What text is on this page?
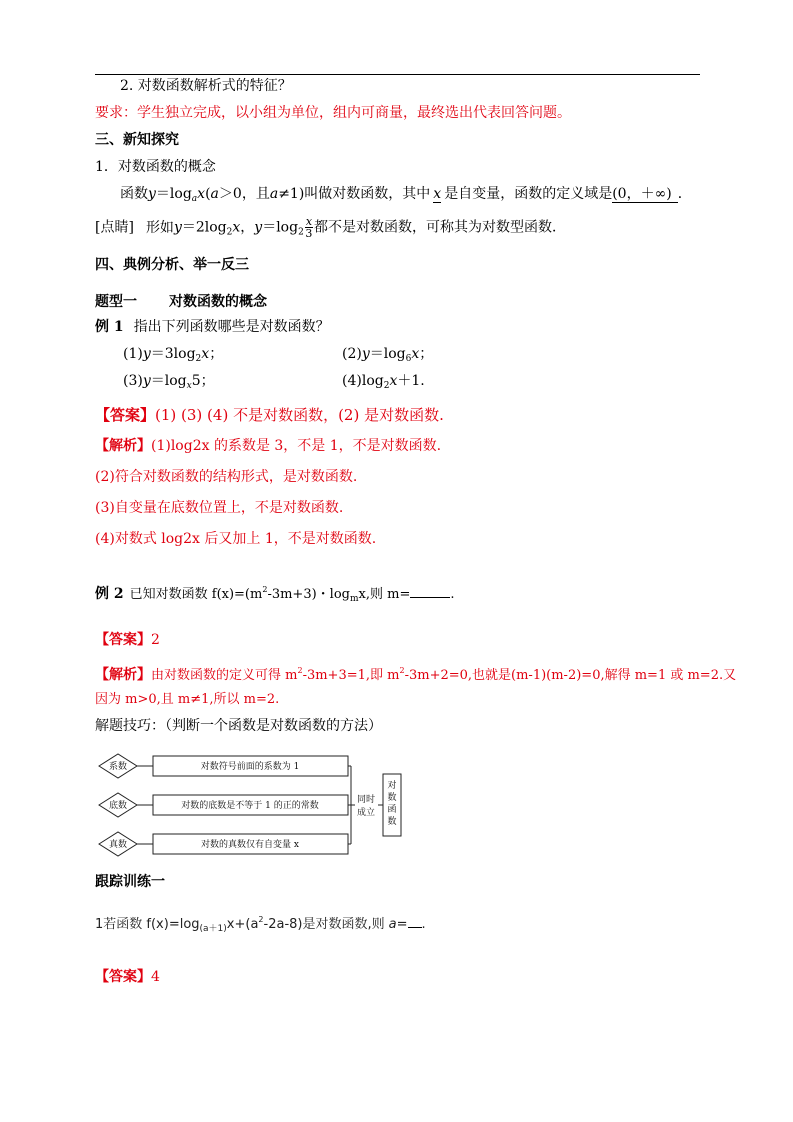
2. 对数函数解析式的特征？
要求：学生独立完成，以小组为单位，组内可商量，最终选出代表回答问题。
三、新知探究
1．对数函数的概念
函数$y=\log_ax(a>0$，且a≠1)叫做对数函数，其中 x 是自变量，函数的定义域是(0，＋∞) ．
[点睛] 形如$y=2\log_2x$，$y=\log_2 \frac{x}{3}$ 都不是对数函数，可称其为对数型函数．
四、典例分析、举一反三
题型一 对数函数的概念
例 1 指出下列函数哪些是对数函数？
$(1)y=3\log_2x$；	$(2)y=\log_6x$；
$(3)y=\log_x5$；	$(4)\log_2x+1$.
【答案】(1) (3) (4) 不是对数函数，(2) 是对数函数.
【解析】(1)log2x 的系数是 3，不是 1，不是对数函数.
(2)符合对数函数的结构形式，是对数函数.
(3)自变量在底数位置上，不是对数函数.
(4)对数式 log2x 后又加上 1，不是对数函数.
例 2 已知对数函数 $f(x)=(m^2-3m+3)$・$\log_mx$,则 m=	.
【答案】2
【解析】由对数函数的定义可得 $m^2-3m+3=1$,即 $m^2-3m+2=0$,也就是(m-1)(m-2)=0,解得 m=1 或 m=2.又
因为 m>0,且 m≠1,所以 m=2.
解题技巧：（判断一个函数是对数函数的方法）
系数
底数
真数
对数符号前面的系数为 1
对数的底数是不等于 1 的正的常数
对数的真数仅有自变量 x
同时
成立
对
数
函
数
跟踪训练一
1若函数 $f(x)=\log_{(a+1)}x+(a^2-2a-8)$是对数函数,则 a= .
【答案】4
